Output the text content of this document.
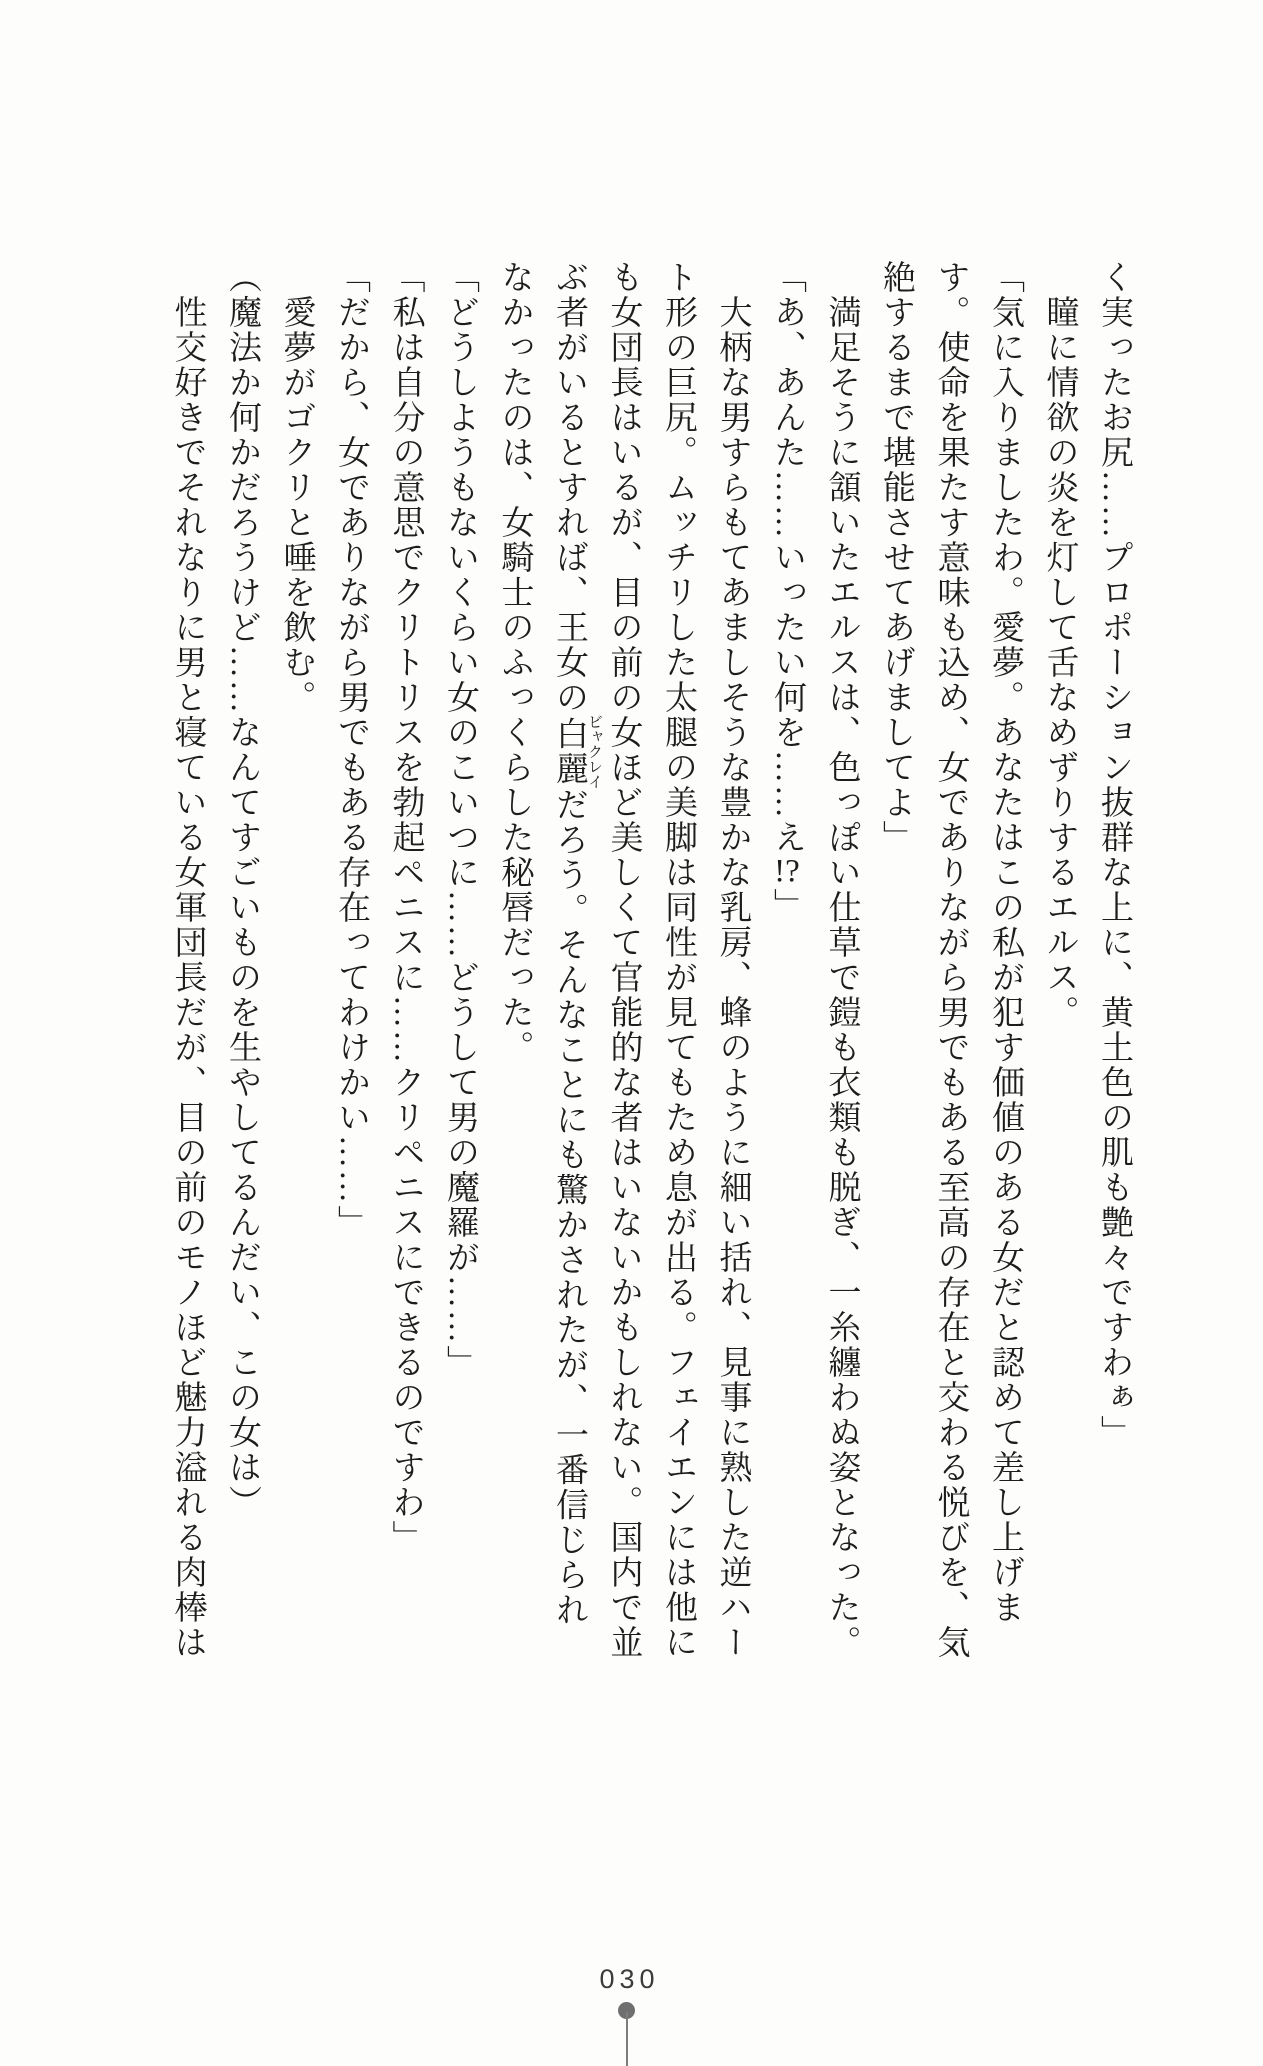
く実ったお尻……プロポーション抜群な上に、黄土色の肌も艶々ですわぁ」

　瞳に情欲の炎を灯して舌なめずりするエルス。

「気に入りましたわ。愛夢。あなたはこの私が犯す価値のある女だと認めて差し上げます。使命を果たす意味も込め、女でありながら男でもある至高の存在と交わる悦びを、気絶するまで堪能させてあげましてよ」

　満足そうに頷いたエルスは、色っぽい仕草で鎧も衣類も脱ぎ、一糸纏わぬ姿となった。

「あ、あんた……いったい何を……え!?」

　大柄な男すらもてあましそうな豊かな乳房、蜂のように細い括れ、見事に熟した逆ハート形の巨尻。ムッチリした太腿の美脚は同性が見てもため息が出る。フェイエンには他にも女団長はいるが、目の前の女ほど美しくて官能的な者はいないかもしれない。国内で並ぶ者がいるとすれば、王女の白麗 ビャクレイだろう。そんなことにも驚かされたが、一番信じられなかったのは、女騎士のふっくらした秘唇だった。

「どうしようもないくらい女のこいつに……どうして男の魔羅が……」

「私は自分の意思でクリトリスを勃起ペニスに……クリペニスにできるのですわ」

「だから、女でありながら男でもある存在ってわけかい……」

　愛夢がゴクリと唾を飲む。

（魔法か何かだろうけど……なんてすごいものを生やしてるんだい、この女は）

　性交好きでそれなりに男と寝ている女軍団長だが、目の前のモノほど魅力溢れる肉棒は

030
